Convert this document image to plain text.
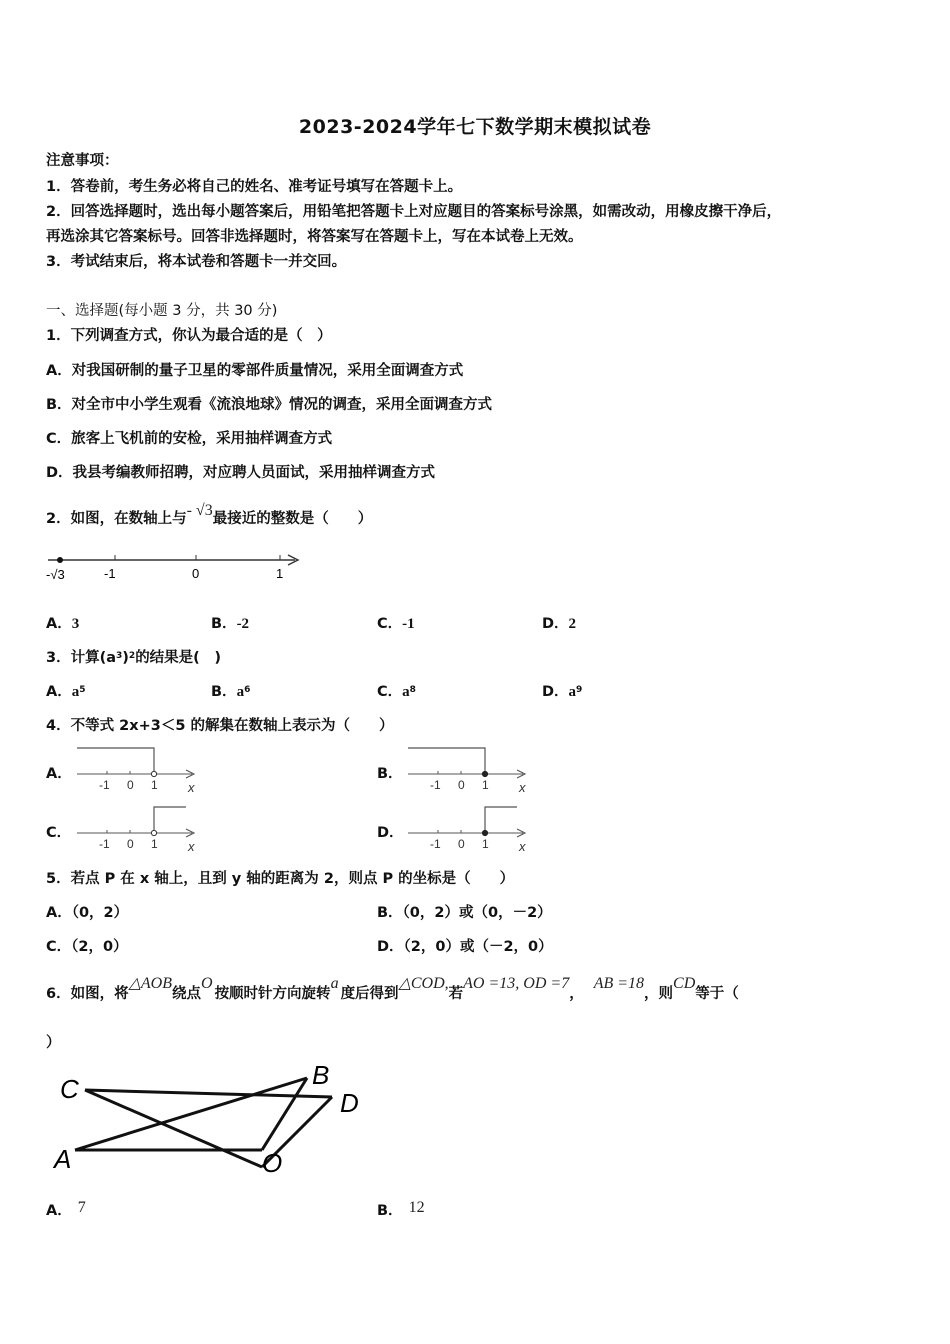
2023-2024学年七下数学期末模拟试卷
注意事项：
1．答卷前，考生务必将自己的姓名、准考证号填写在答题卡上。
2．回答选择题时，选出每小题答案后，用铅笔把答题卡上对应题目的答案标号涂黑，如需改动，用橡皮擦干净后，
再选涂其它答案标号。回答非选择题时，将答案写在答题卡上，写在本试卷上无效。
3．考试结束后，将本试卷和答题卡一并交回。
一、选择题(每小题 3 分，共 30 分)
1．下列调查方式，你认为最合适的是（　）
A．对我国研制的量子卫星的零部件质量情况，采用全面调查方式
B．对全市中小学生观看《流浪地球》情况的调查，采用全面调查方式
C．旅客上飞机前的安检，采用抽样调查方式
D．我县考编教师招聘，对应聘人员面试，采用抽样调查方式
2．如图，在数轴上与- √3最接近的整数是（　　）
-√3	-1	0	1
A．3	B．-2	C．-1	D．2
3．计算$(a^3)^2$的结果是(　)
A．$a^5$	B．$a^6$	C．$a^8$	D．$a^9$
4．不等式 2x+3＜5 的解集在数轴上表示为（　　）
A．
-1 0 1 x
B．
-1 0 1 x
C．
-1 0 1 x
D．
-1 0 1 x
5．若点 P 在 x 轴上，且到 y 轴的距离为 2，则点 P 的坐标是（　　）
A．（0，2）	B．（0，2）或（0，－2）
C．（2，0）	D．（2，0）或（－2，0）
6．如图，将△AOB绕点O按顺时针方向旋转a度后得到△COD,若AO =13, OD =7，AB =18，则CD等于（
）
C	B
D
A	O
A． 7	B． 12
